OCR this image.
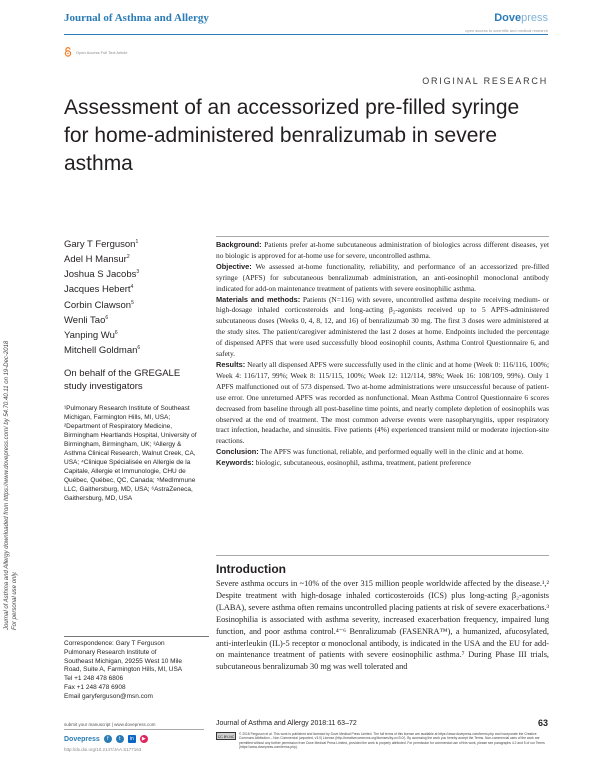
Journal of Asthma and Allergy	Dovepress
open access to scientific and medical research
Open Access Full Text Article
ORIGINAL RESEARCH
Assessment of an accessorized pre-filled syringe for home-administered benralizumab in severe asthma
Journal of Asthma and Allergy downloaded from https://www.dovepress.com/ by 54.70.40.11 on 19-Dec-2018 For personal use only.
Gary T Ferguson$^1$
Adel H Mansur$^2$
Joshua S Jacobs$^3$
Jacques Hebert$^4$
Corbin Clawson$^5$
Wenli Tao$^6$
Yanping Wu$^6$
Mitchell Goldman$^6$
On behalf of the GREGALE study investigators
¹Pulmonary Research Institute of Southeast Michigan, Farmington Hills, MI, USA; ²Department of Respiratory Medicine, Birmingham Heartlands Hospital, University of Birmingham, Birmingham, UK; ³Allergy & Asthma Clinical Research, Walnut Creek, CA, USA; ⁴Clinique Spécialisée en Allergie de la Capitale, Allergie et Immunologie, CHU de Québec, Québec, QC, Canada; ⁵MedImmune LLC, Gaithersburg, MD, USA; ⁶AstraZeneca, Gaithersburg, MD, USA
Correspondence: Gary T Ferguson
Pulmonary Research Institute of
Southeast Michigan, 29255 West 10 Mile
Road, Suite A, Farmington Hills, MI, USA
Tel +1 248 478 6806
Fax +1 248 478 6908
Email garyferguson@msn.com

Background: Patients prefer at-home subcutaneous administration of biologics across different diseases, yet no biologic is approved for at-home use for severe, uncontrolled asthma.

Objective: We assessed at-home functionality, reliability, and performance of an accessorized pre-filled syringe (APFS) for subcutaneous benralizumab administration, an anti-eosinophil monoclonal antibody indicated for add-on maintenance treatment of patients with severe eosinophilic asthma.

Materials and methods: Patients (N=116) with severe, uncontrolled asthma despite receiving medium- or high-dosage inhaled corticosteroids and long-acting β₂-agonists received up to 5 APFS-administered subcutaneous doses (Weeks 0, 4, 8, 12, and 16) of benralizumab 30 mg. The first 3 doses were administered at the study sites. The patient/caregiver administered the last 2 doses at home. Endpoints included the percentage of dispensed APFS that were used successfully blood eosinophil counts, Asthma Control Questionnaire 6, and safety.

Results: Nearly all dispensed APFS were successfully used in the clinic and at home (Week 0: 116/116, 100%; Week 4: 116/117, 99%; Week 8: 115/115, 100%; Week 12: 112/114, 98%; Week 16: 108/109, 99%). Only 1 APFS malfunctioned out of 573 dispensed. Two at-home administrations were unsuccessful because of patient-use error. One unreturned APFS was recorded as nonfunctional. Mean Asthma Control Questionnaire 6 scores decreased from baseline through all post-baseline time points, and nearly complete depletion of eosinophils was observed at the end of treatment. The most common adverse events were nasopharyngitis, upper respiratory tract infection, headache, and sinusitis. Five patients (4%) experienced transient mild or moderate injection-site reactions.

Conclusion: The APFS was functional, reliable, and performed equally well in the clinic and at home.

Keywords: biologic, subcutaneous, eosinophil, asthma, treatment, patient preference

Introduction

Severe asthma occurs in ~10% of the over 315 million people worldwide affected by the disease.¹,² Despite treatment with high-dosage inhaled corticosteroids (ICS) plus long-acting β₂-agonists (LABA), severe asthma often remains uncontrolled placing patients at risk of severe exacerbations.³ Eosinophilia is associated with asthma severity, increased exacerbation frequency, impaired lung function, and poor asthma control.⁴⁻⁶ Benralizumab (FASENRA™), a humanized, afucosylated, anti-interleukin (IL)-5 receptor α monoclonal antibody, is indicated in the USA and the EU for add-on maintenance treatment of patients with severe eosinophilic asthma.⁷ During Phase III trials, subcutaneous benralizumab 30 mg was well tolerated and

submit your manuscript | www.dovepress.com
Dovepress	f	t	in	▶
http://dx.doi.org/10.2147/JAA.S177163
Journal of Asthma and Allergy 2018:11 63–72	63
CC BY-NC
© 2018 Ferguson et al. This work is published and licensed by Dove Medical Press Limited. The full terms of this license are available at https://www.dovepress.com/terms.php and incorporate the Creative Commons Attribution – Non Commercial (unported, v3.0) License (http://creativecommons.org/licenses/by-nc/3.0/). By accessing the work you hereby accept the Terms. Non-commercial uses of the work are permitted without any further permission from Dove Medical Press Limited, provided the work is properly attributed. For permission for commercial use of this work, please see paragraphs 4.2 and 5 of our Terms (https://www.dovepress.com/terms.php).
